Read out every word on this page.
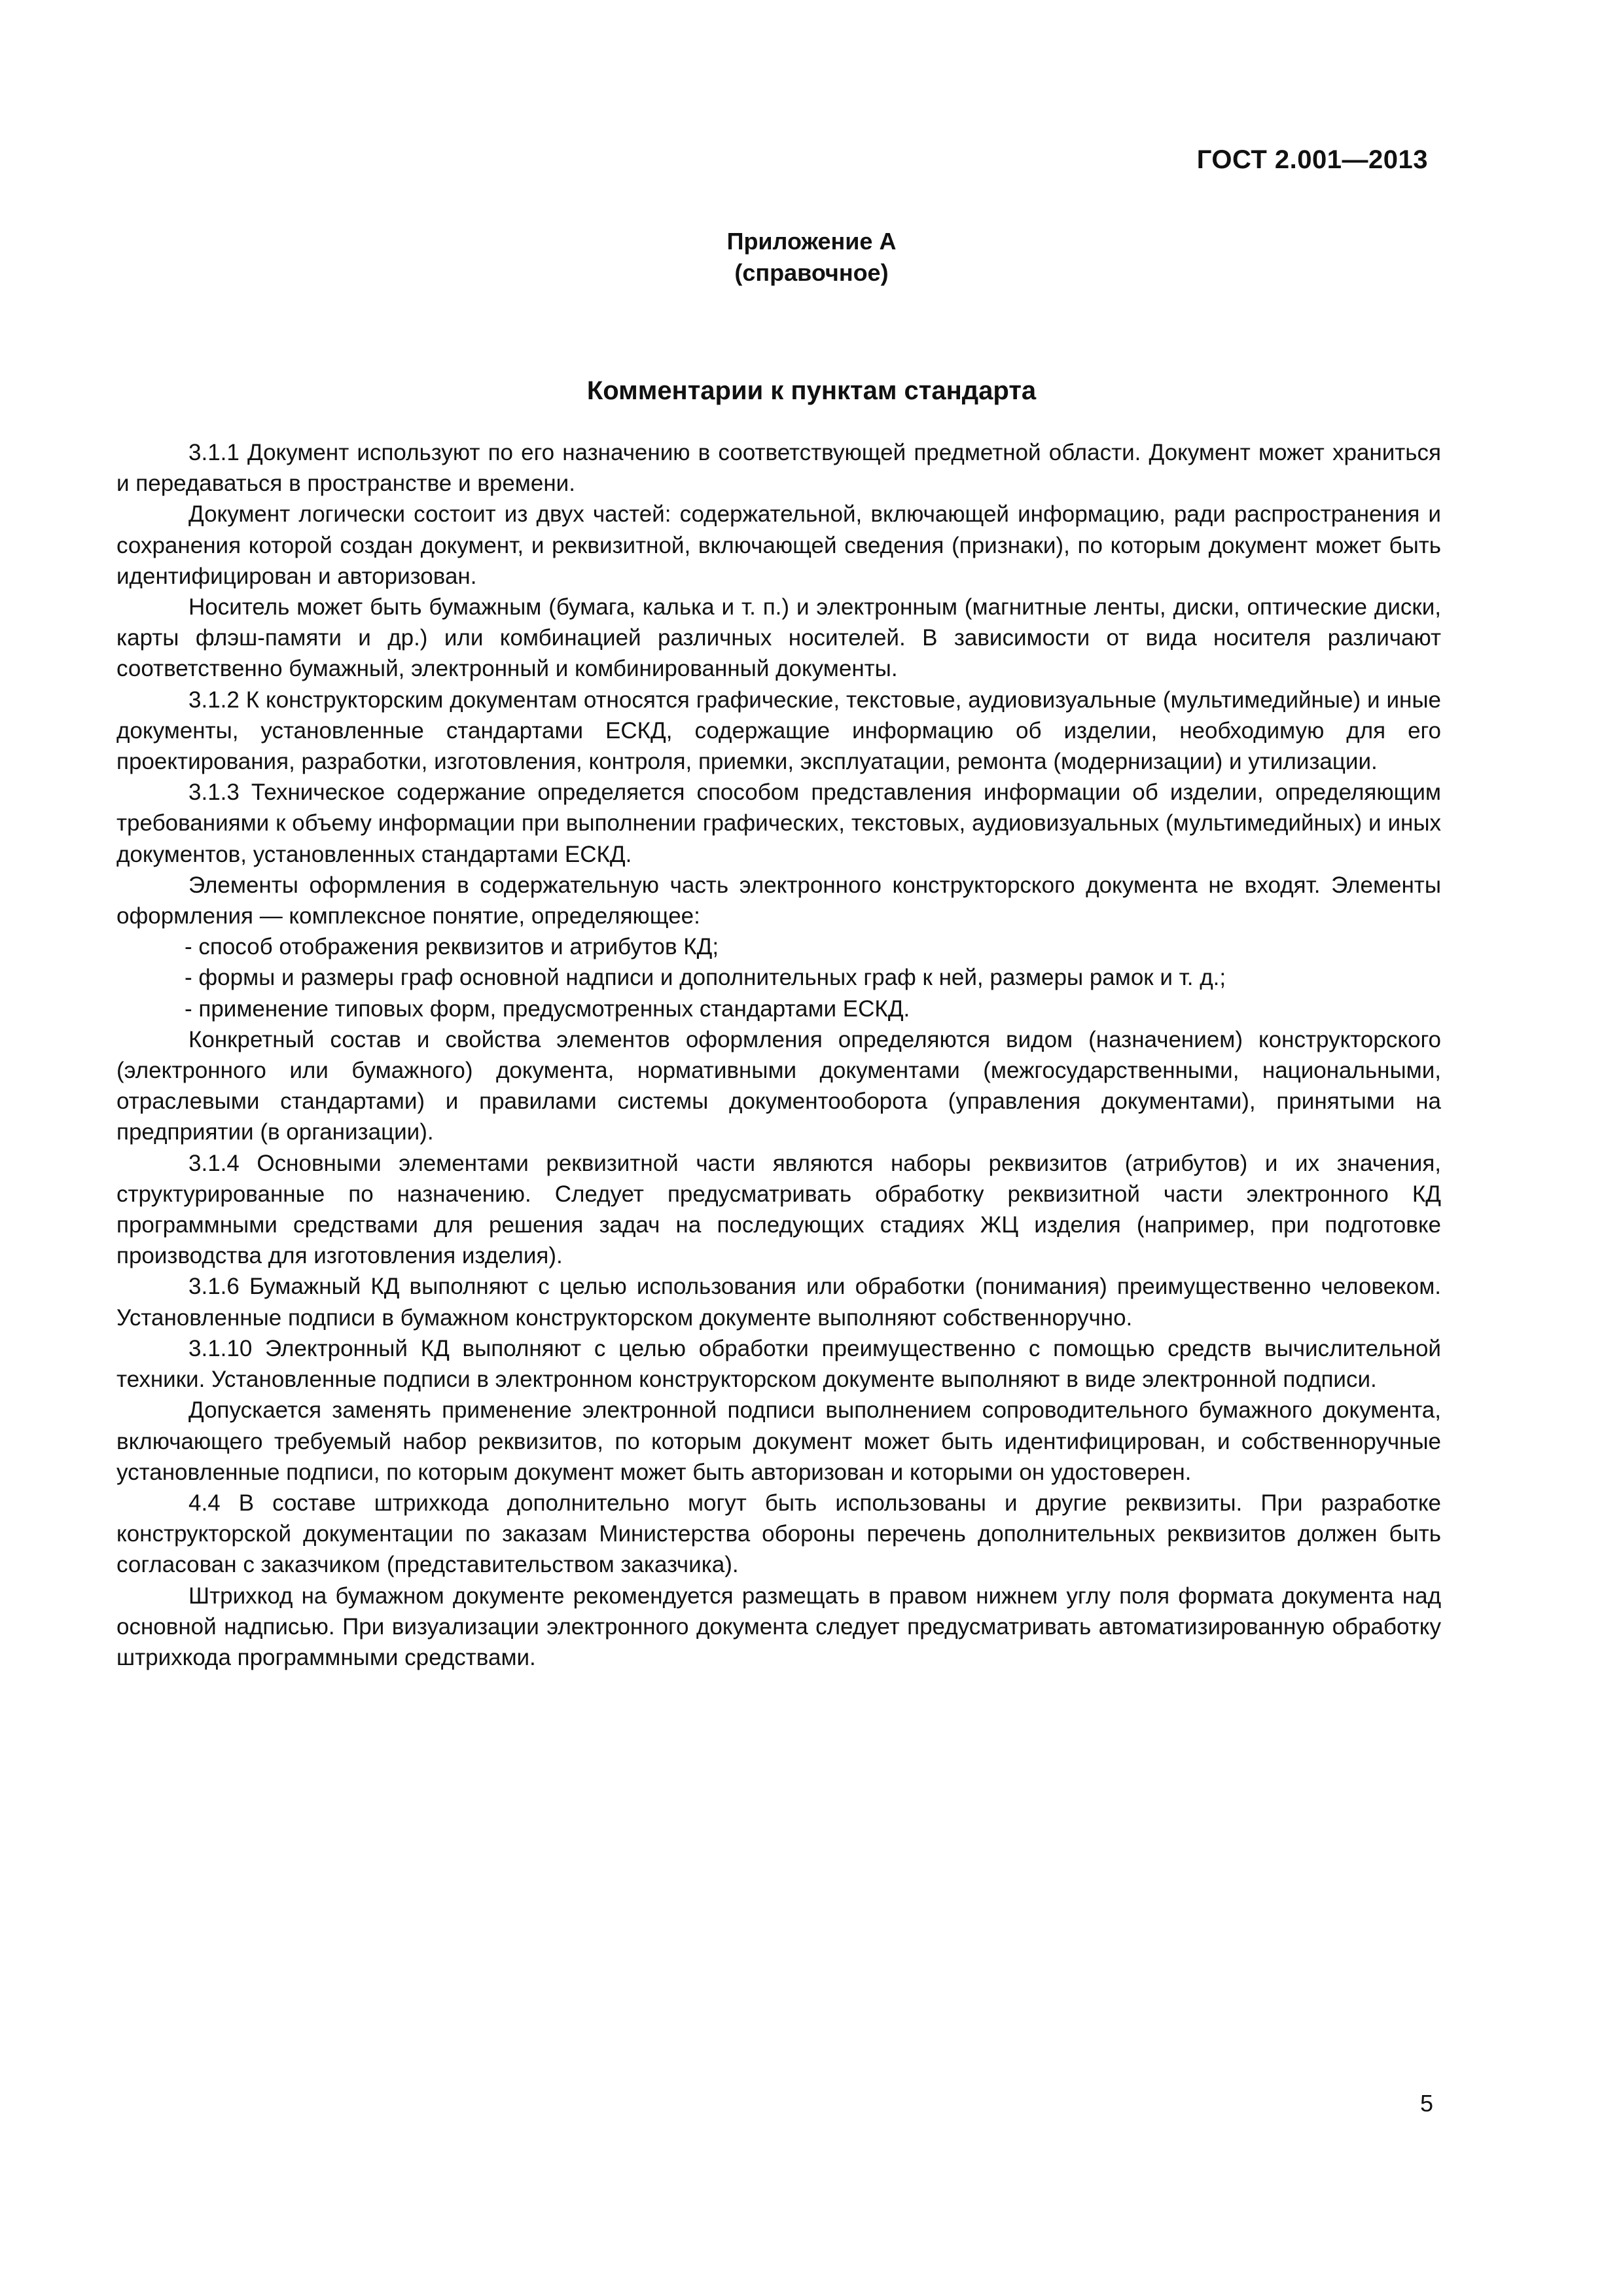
ГОСТ 2.001—2013
Приложение А
(справочное)
Комментарии к пунктам стандарта

3.1.1 Документ используют по его назначению в соответствующей предметной области. Документ может храниться и передаваться в пространстве и времени.

Документ логически состоит из двух частей: содержательной, включающей информацию, ради распространения и сохранения которой создан документ, и реквизитной, включающей сведения (признаки), по которым документ может быть идентифицирован и авторизован.

Носитель может быть бумажным (бумага, калька и т. п.) и электронным (магнитные ленты, диски, оптические диски, карты флэш-памяти и др.) или комбинацией различных носителей. В зависимости от вида носителя различают соответственно бумажный, электронный и комбинированный документы.

3.1.2 К конструкторским документам относятся графические, текстовые, аудиовизуальные (мультимедийные) и иные документы, установленные стандартами ЕСКД, содержащие информацию об изделии, необходимую для его проектирования, разработки, изготовления, контроля, приемки, эксплуатации, ремонта (модернизации) и утилизации.

3.1.3 Техническое содержание определяется способом представления информации об изделии, определяющим требованиями к объему информации при выполнении графических, текстовых, аудиовизуальных (мультимедийных) и иных документов, установленных стандартами ЕСКД.

Элементы оформления в содержательную часть электронного конструкторского документа не входят. Элементы оформления — комплексное понятие, определяющее:

- способ отображения реквизитов и атрибутов КД;

- формы и размеры граф основной надписи и дополнительных граф к ней, размеры рамок и т. д.;

- применение типовых форм, предусмотренных стандартами ЕСКД.

Конкретный состав и свойства элементов оформления определяются видом (назначением) конструкторского (электронного или бумажного) документа, нормативными документами (межгосударственными, национальными, отраслевыми стандартами) и правилами системы документооборота (управления документами), принятыми на предприятии (в организации).

3.1.4 Основными элементами реквизитной части являются наборы реквизитов (атрибутов) и их значения, структурированные по назначению. Следует предусматривать обработку реквизитной части электронного КД программными средствами для решения задач на последующих стадиях ЖЦ изделия (например, при подготовке производства для изготовления изделия).

3.1.6 Бумажный КД выполняют с целью использования или обработки (понимания) преимущественно человеком. Установленные подписи в бумажном конструкторском документе выполняют собственноручно.

3.1.10 Электронный КД выполняют с целью обработки преимущественно с помощью средств вычислительной техники. Установленные подписи в электронном конструкторском документе выполняют в виде электронной подписи.

Допускается заменять применение электронной подписи выполнением сопроводительного бумажного документа, включающего требуемый набор реквизитов, по которым документ может быть идентифицирован, и собственноручные установленные подписи, по которым документ может быть авторизован и которыми он удостоверен.

4.4 В составе штрихкода дополнительно могут быть использованы и другие реквизиты. При разработке конструкторской документации по заказам Министерства обороны перечень дополнительных реквизитов должен быть согласован с заказчиком (представительством заказчика).

Штрихкод на бумажном документе рекомендуется размещать в правом нижнем углу поля формата документа над основной надписью. При визуализации электронного документа следует предусматривать автоматизированную обработку штрихкода программными средствами.

5
